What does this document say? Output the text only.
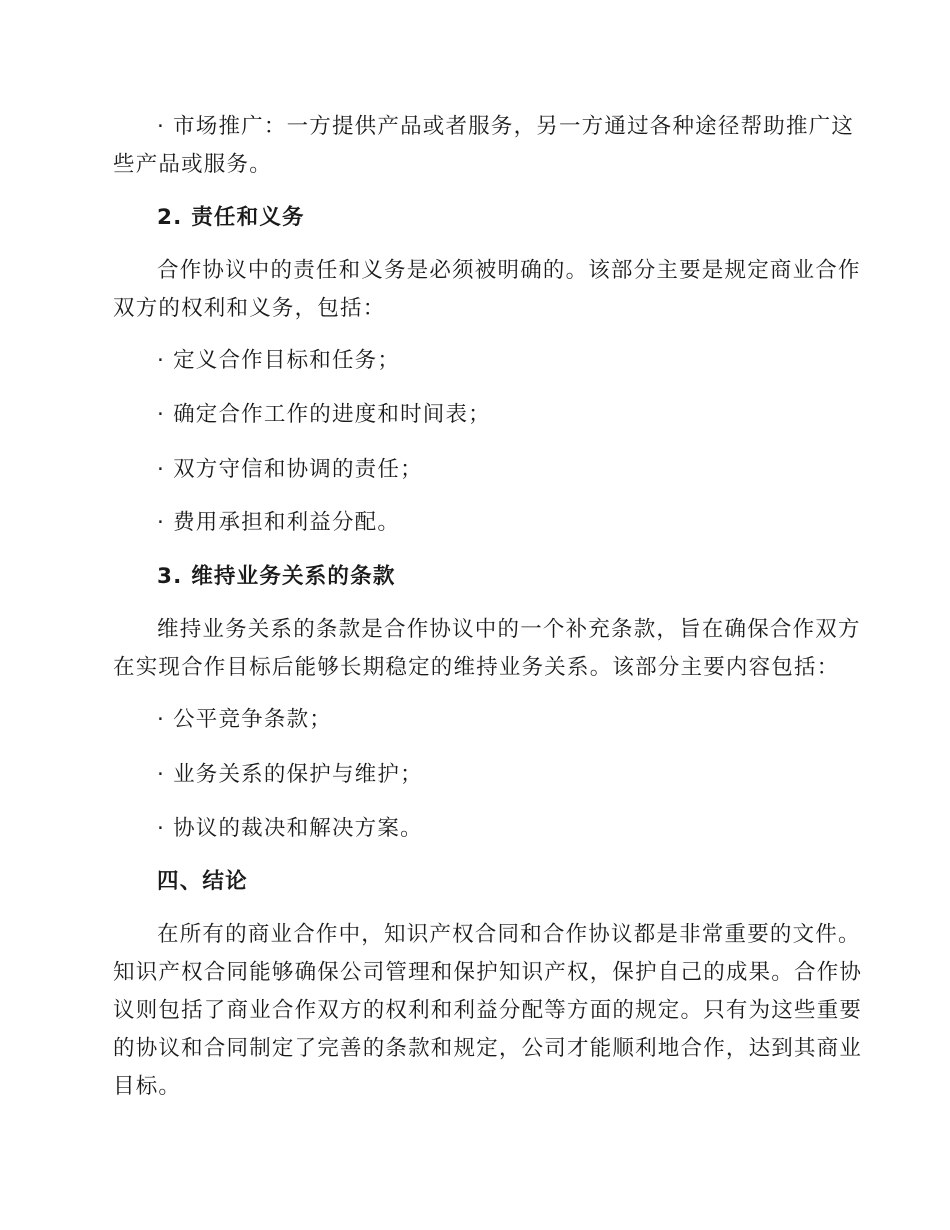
· 市场推广：一方提供产品或者服务，另一方通过各种途径帮助推广这
些产品或服务。
2. 责任和义务
合作协议中的责任和义务是必须被明确的。该部分主要是规定商业合作
双方的权利和义务，包括：
· 定义合作目标和任务；
· 确定合作工作的进度和时间表；
· 双方守信和协调的责任；
· 费用承担和利益分配。
3. 维持业务关系的条款
维持业务关系的条款是合作协议中的一个补充条款，旨在确保合作双方
在实现合作目标后能够长期稳定的维持业务关系。该部分主要内容包括：
· 公平竞争条款；
· 业务关系的保护与维护；
· 协议的裁决和解决方案。
四、结论
在所有的商业合作中，知识产权合同和合作协议都是非常重要的文件。
知识产权合同能够确保公司管理和保护知识产权，保护自己的成果。合作协
议则包括了商业合作双方的权利和利益分配等方面的规定。只有为这些重要
的协议和合同制定了完善的条款和规定，公司才能顺利地合作，达到其商业
目标。
